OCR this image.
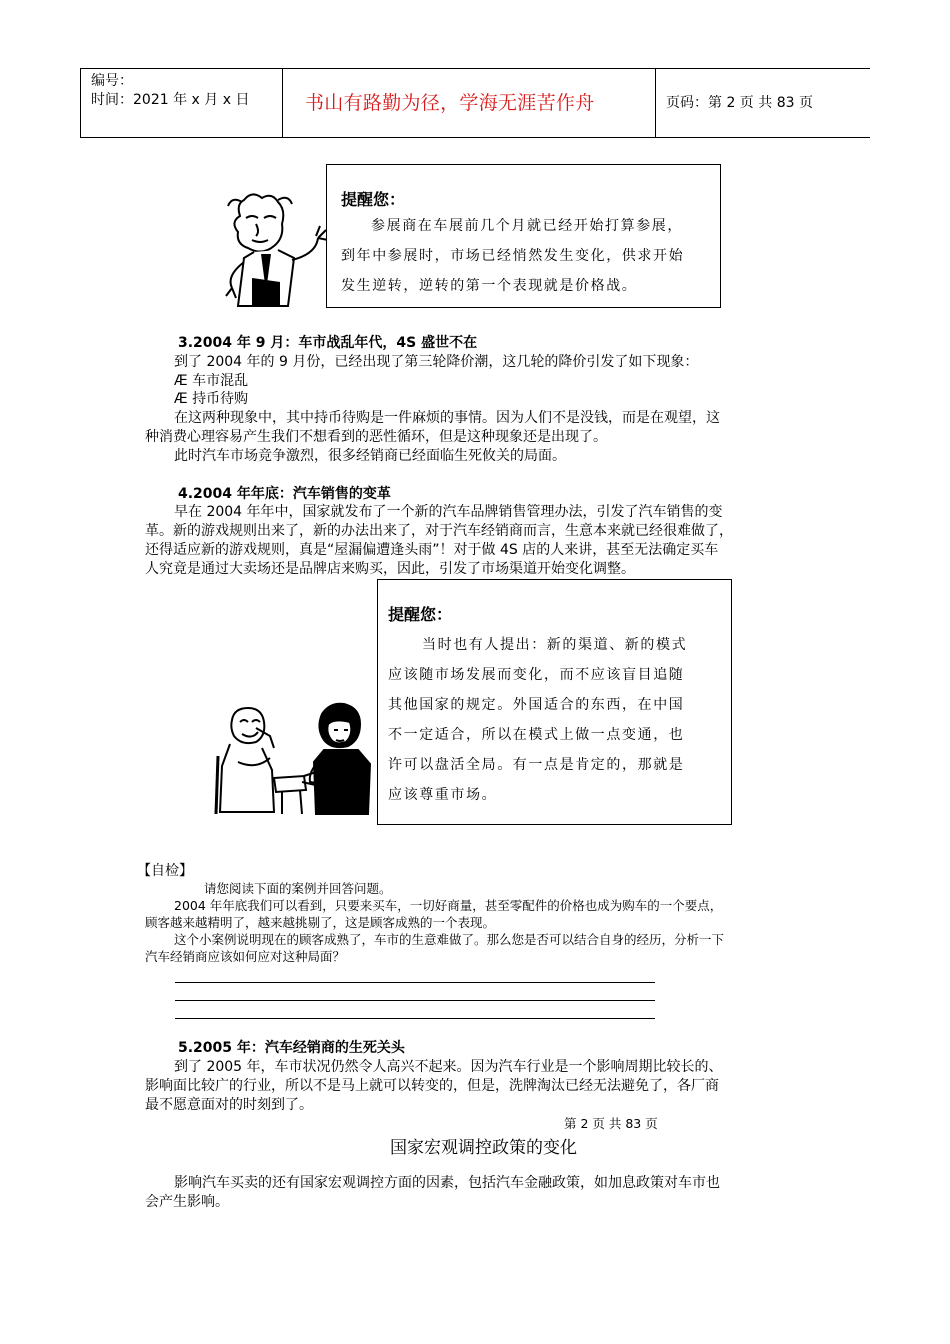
编号：
时间：2021 年 x 月 x 日	书山有路勤为径，学海无涯苦作舟	页码：第 2 页 共 83 页
提醒您：
参展商在车展前几个月就已经开始打算参展，
到年中参展时，市场已经悄然发生变化，供求开始
发生逆转，逆转的第一个表现就是价格战。
3.2004 年 9 月：车市战乱年代，4S 盛世不在
到了 2004 年的 9 月份，已经出现了第三轮降价潮，这几轮的降价引发了如下现象：
Æ 车市混乱
Æ 持币待购
在这两种现象中，其中持币待购是一件麻烦的事情。因为人们不是没钱，而是在观望，这
种消费心理容易产生我们不想看到的恶性循环，但是这种现象还是出现了。
此时汽车市场竞争激烈，很多经销商已经面临生死攸关的局面。
4.2004 年年底：汽车销售的变革
早在 2004 年年中，国家就发布了一个新的汽车品牌销售管理办法，引发了汽车销售的变
革。新的游戏规则出来了，新的办法出来了，对于汽车经销商而言，生意本来就已经很难做了，
还得适应新的游戏规则，真是“屋漏偏遭逢头雨”！对于做 4S 店的人来讲，甚至无法确定买车
人究竟是通过大卖场还是品牌店来购买，因此，引发了市场渠道开始变化调整。
提醒您：
当时也有人提出：新的渠道、新的模式
应该随市场发展而变化，而不应该盲目追随
其他国家的规定。外国适合的东西，在中国
不一定适合，所以在模式上做一点变通，也
许可以盘活全局。有一点是肯定的，那就是
应该尊重市场。
【自检】
请您阅读下面的案例并回答问题。
2004 年年底我们可以看到，只要来买车，一切好商量，甚至零配件的价格也成为购车的一个要点，
顾客越来越精明了，越来越挑剔了，这是顾客成熟的一个表现。
这个小案例说明现在的顾客成熟了，车市的生意难做了。那么您是否可以结合自身的经历，分析一下
汽车经销商应该如何应对这种局面？
5.2005 年：汽车经销商的生死关头
到了 2005 年，车市状况仍然令人高兴不起来。因为汽车行业是一个影响周期比较长的、
影响面比较广的行业，所以不是马上就可以转变的，但是，洗牌淘汰已经无法避免了，各厂商
最不愿意面对的时刻到了。
第 2 页 共 83 页
国家宏观调控政策的变化
影响汽车买卖的还有国家宏观调控方面的因素，包括汽车金融政策，如加息政策对车市也
会产生影响。
